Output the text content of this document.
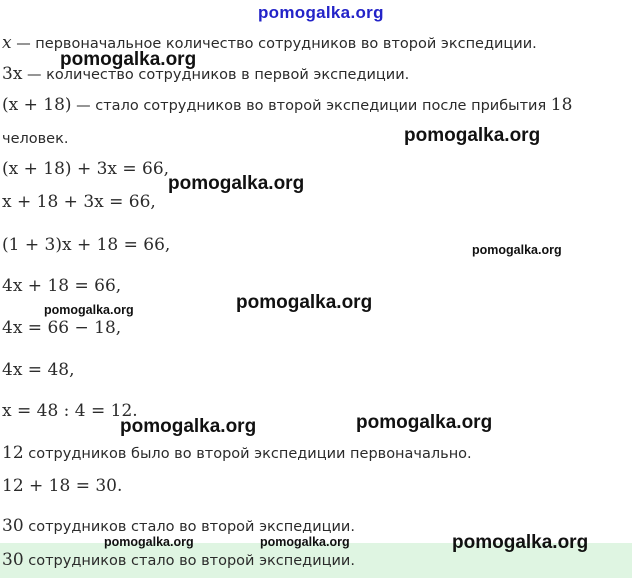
pomogalka.org
x — первоначальное количество сотрудников во второй экспедиции.
3x — количество сотрудников в первой экспедиции.
(x + 18) — стало сотрудников во второй экспедиции после прибытия 18
человек.
(x + 18) + 3x = 66,
x + 18 + 3x = 66,
(1 + 3)x + 18 = 66,
4x + 18 = 66,
4x = 66 − 18,
4x = 48,
x = 48 : 4 = 12.
12 сотрудников было во второй экспедиции первоначально.
12 + 18 = 30.
30 сотрудников стало во второй экспедиции.
30 сотрудников стало во второй экспедиции.
pomogalka.org
pomogalka.org
pomogalka.org
pomogalka.org
pomogalka.org
pomogalka.org
pomogalka.org
pomogalka.org
pomogalka.org	pomogalka.org	pomogalka.org
